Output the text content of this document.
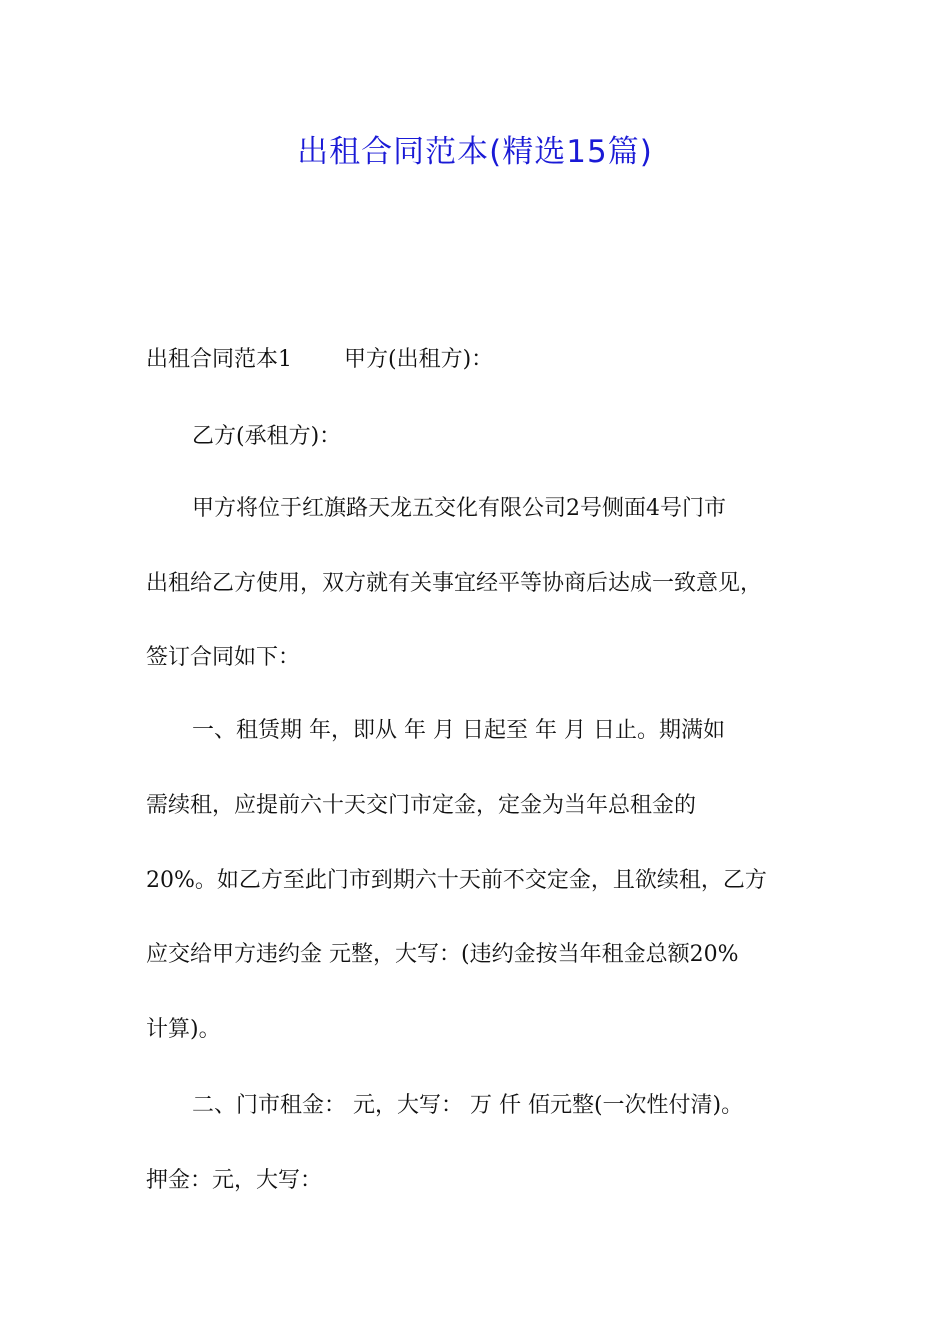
出租合同范本(精选15篇)

出租合同范本1 甲方(出租方)：

乙方(承租方)：

甲方将位于红旗路天龙五交化有限公司2号侧面4号门市

出租给乙方使用，双方就有关事宜经平等协商后达成一致意见，

签订合同如下：

一、租赁期 年，即从 年 月 日起至 年 月 日止。期满如

需续租，应提前六十天交门市定金，定金为当年总租金的

20%。如乙方至此门市到期六十天前不交定金，且欲续租，乙方

应交给甲方违约金 元整，大写：(违约金按当年租金总额20%

计算)。

二、门市租金： 元，大写： 万 仟 佰元整(一次性付清)。

押金：元，大写：
